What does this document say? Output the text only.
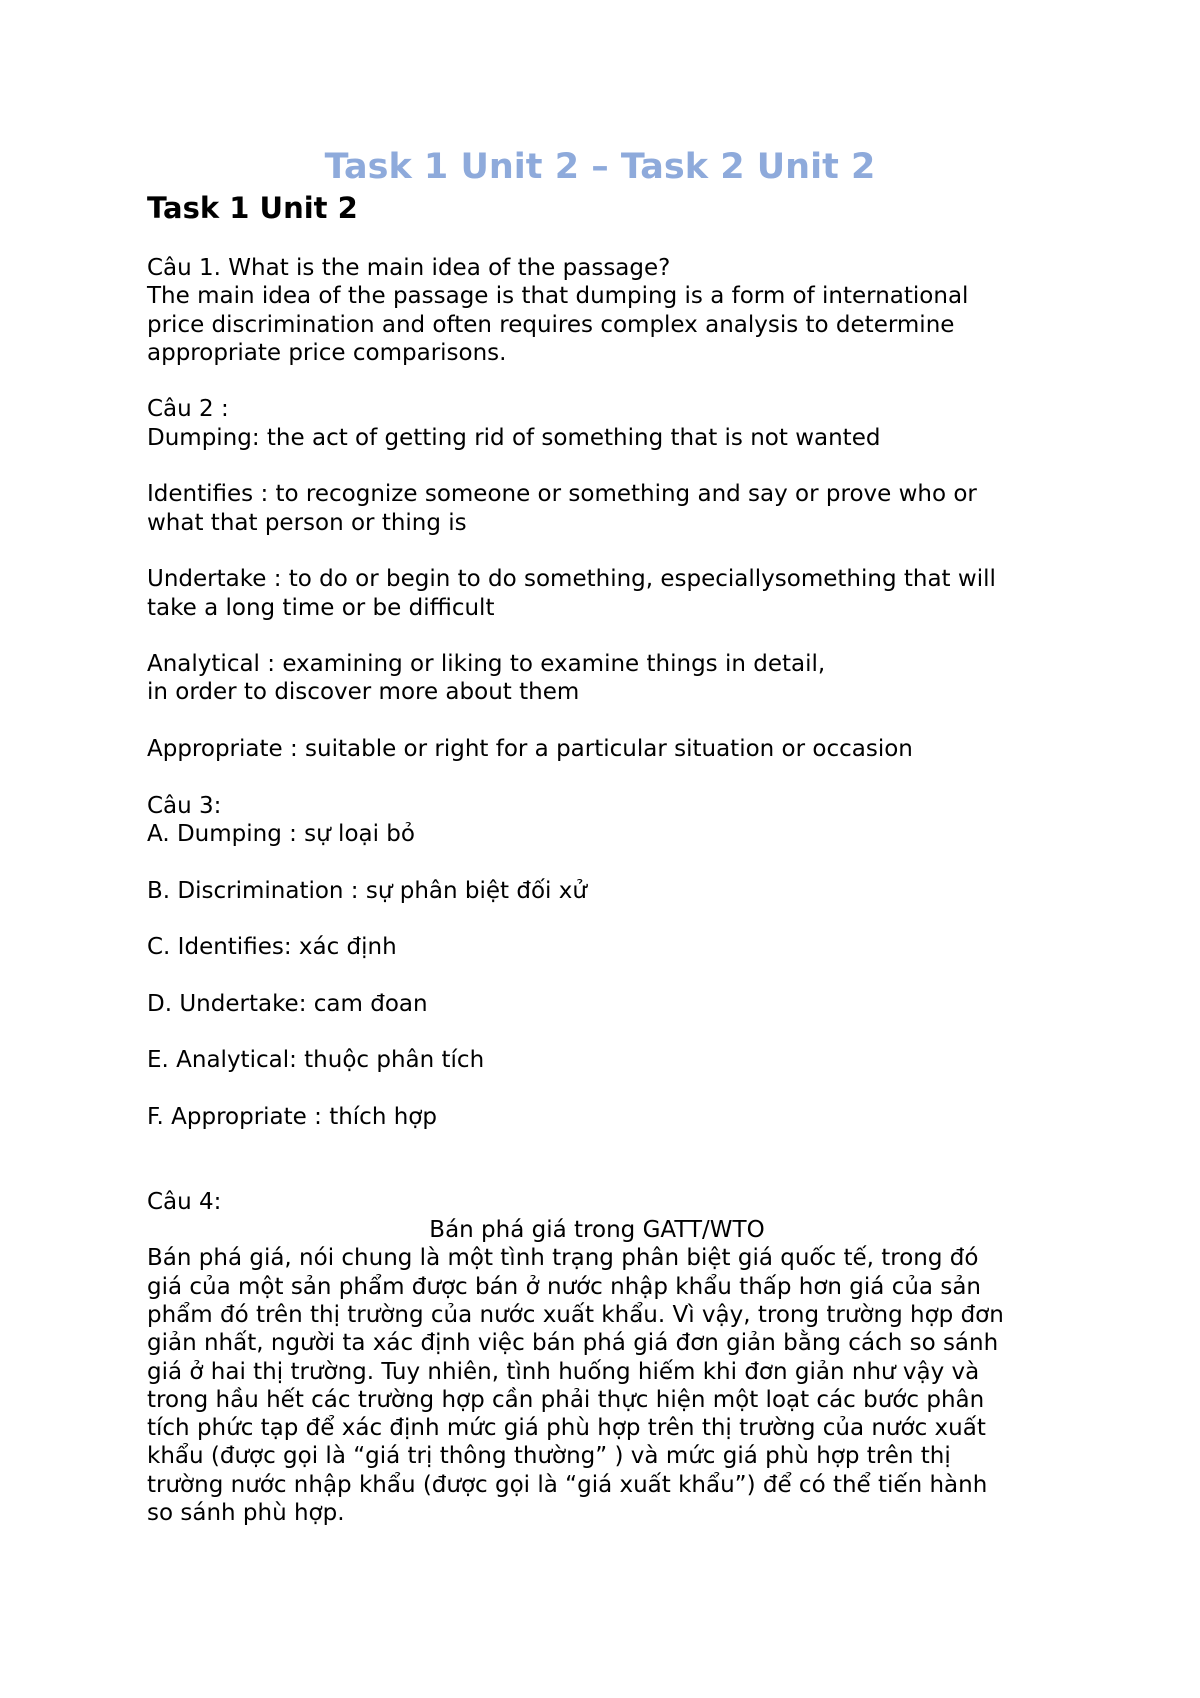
Task 1 Unit 2 – Task 2 Unit 2
Task 1 Unit 2

Câu 1. What is the main idea of the passage?

The main idea of the passage is that dumping is a form of international
price discrimination and often requires complex analysis to determine
appropriate price comparisons.

Câu 2 :

Dumping: the act of getting rid of something that is not wanted

Identifies : to recognize someone or something and say or prove who or
what that person or thing is

Undertake : to do or begin to do something, especiallysomething that will
take a long time or be difficult

Analytical : examining or liking to examine things in detail,
in order to discover more about them

Appropriate : suitable or right for a particular situation or occasion

Câu 3:

A. Dumping : sự loại bỏ

B. Discrimination : sự phân biệt đối xử

C. Identifies: xác định

D. Undertake: cam đoan

E. Analytical: thuộc phân tích

F. Appropriate : thích hợp

Câu 4:

Bán phá giá trong GATT/WTO

Bán phá giá, nói chung là một tình trạng phân biệt giá quốc tế, trong đó
giá của một sản phẩm được bán ở nước nhập khẩu thấp hơn giá của sản
phẩm đó trên thị trường của nước xuất khẩu. Vì vậy, trong trường hợp đơn
giản nhất, người ta xác định việc bán phá giá đơn giản bằng cách so sánh
giá ở hai thị trường. Tuy nhiên, tình huống hiếm khi đơn giản như vậy và
trong hầu hết các trường hợp cần phải thực hiện một loạt các bước phân
tích phức tạp để xác định mức giá phù hợp trên thị trường của nước xuất
khẩu (được gọi là “giá trị thông thường” ) và mức giá phù hợp trên thị
trường nước nhập khẩu (được gọi là “giá xuất khẩu”) để có thể tiến hành
so sánh phù hợp.
